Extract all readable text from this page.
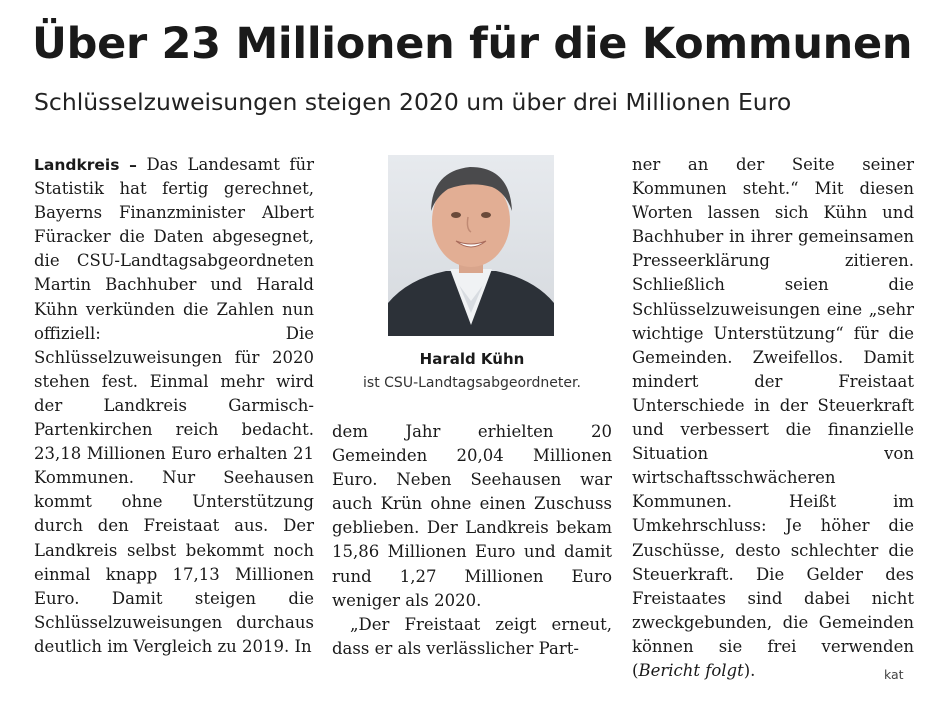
Über 23 Millionen für die Kommunen
Schlüsselzuweisungen steigen 2020 um über drei Millionen Euro

Landkreis – Das Landesamt für Statistik hat fertig gerechnet, Bayerns Finanzminister Albert Füracker die Daten abgesegnet, die CSU-Landtagsabgeordneten Martin Bachhuber und Harald Kühn verkünden die Zahlen nun offiziell: Die Schlüsselzuweisungen für 2020 stehen fest. Einmal mehr wird der Landkreis Garmisch-Partenkirchen reich bedacht. 23,18 Millionen Euro erhalten 21 Kommunen. Nur Seehausen kommt ohne Unterstützung durch den Freistaat aus. Der Landkreis selbst bekommt noch einmal knapp 17,13 Millionen Euro. Damit steigen die Schlüsselzuweisungen durchaus deutlich im Vergleich zu 2019. In

Harald Kühn
ist CSU-Landtagsabgeordneter.

dem Jahr erhielten 20 Gemeinden 20,04 Millionen Euro. Neben Seehausen war auch Krün ohne einen Zuschuss geblieben. Der Landkreis bekam 15,86 Millionen Euro und damit rund 1,27 Millionen Euro weniger als 2020.

„Der Freistaat zeigt erneut, dass er als verlässlicher Part-

ner an der Seite seiner Kommunen steht.“ Mit diesen Worten lassen sich Kühn und Bachhuber in ihrer gemeinsamen Presseerklärung zitieren. Schließlich seien die Schlüsselzuweisungen eine „sehr wichtige Unterstützung“ für die Gemeinden. Zweifellos. Damit mindert der Freistaat Unterschiede in der Steuerkraft und verbessert die finanzielle Situation von wirtschaftsschwächeren Kommunen. Heißt im Umkehrschluss: Je höher die Zuschüsse, desto schlechter die Steuerkraft. Die Gelder des Freistaates sind dabei nicht zweckgebunden, die Gemeinden können sie frei verwenden (Bericht folgt).	kat
